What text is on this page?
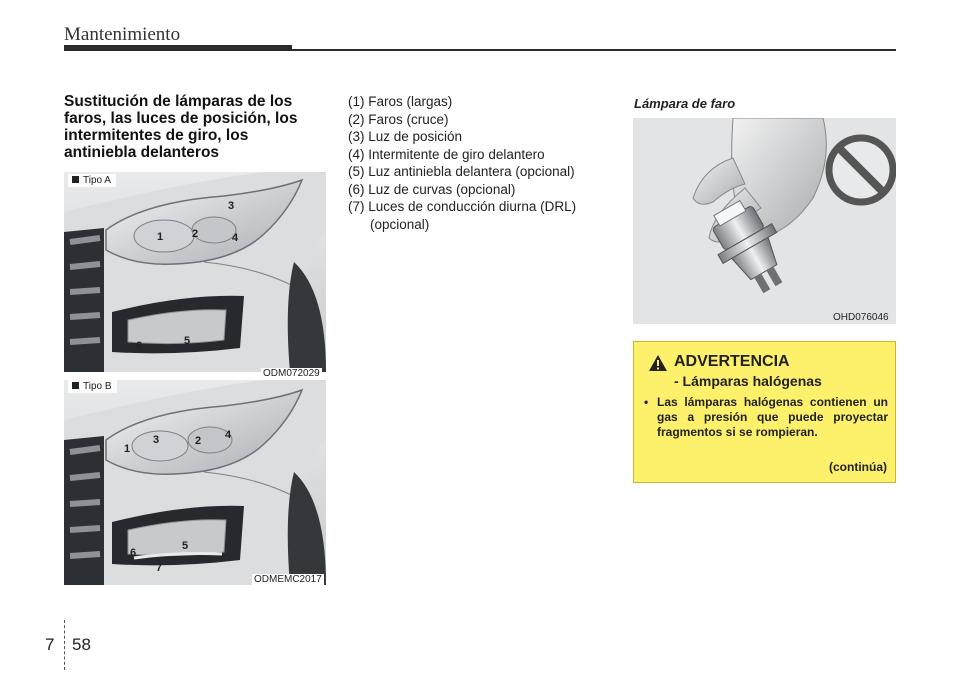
Mantenimiento
Sustitución de lámparas de los faros, las luces de posición, los intermitentes de giro, los antiniebla delanteros
1	2
3
4
5
6
Tipo A
ODM072029
1
2
3	4
5
6
7
Tipo B
ODMEMC2017
(1) Faros (largas)
(2) Faros (cruce)
(3) Luz de posición
(4) Intermitente de giro delantero
(5) Luz antiniebla delantera (opcional)
(6) Luz de curvas (opcional)
(7) Luces de conducción diurna (DRL) (opcional)
Lámpara de faro
OHD076046
ADVERTENCIA
- Lámparas halógenas
• Las lámparas halógenas contienen un gas a presión que puede proyectar fragmentos si se rompieran.
(continúa)
7 58
